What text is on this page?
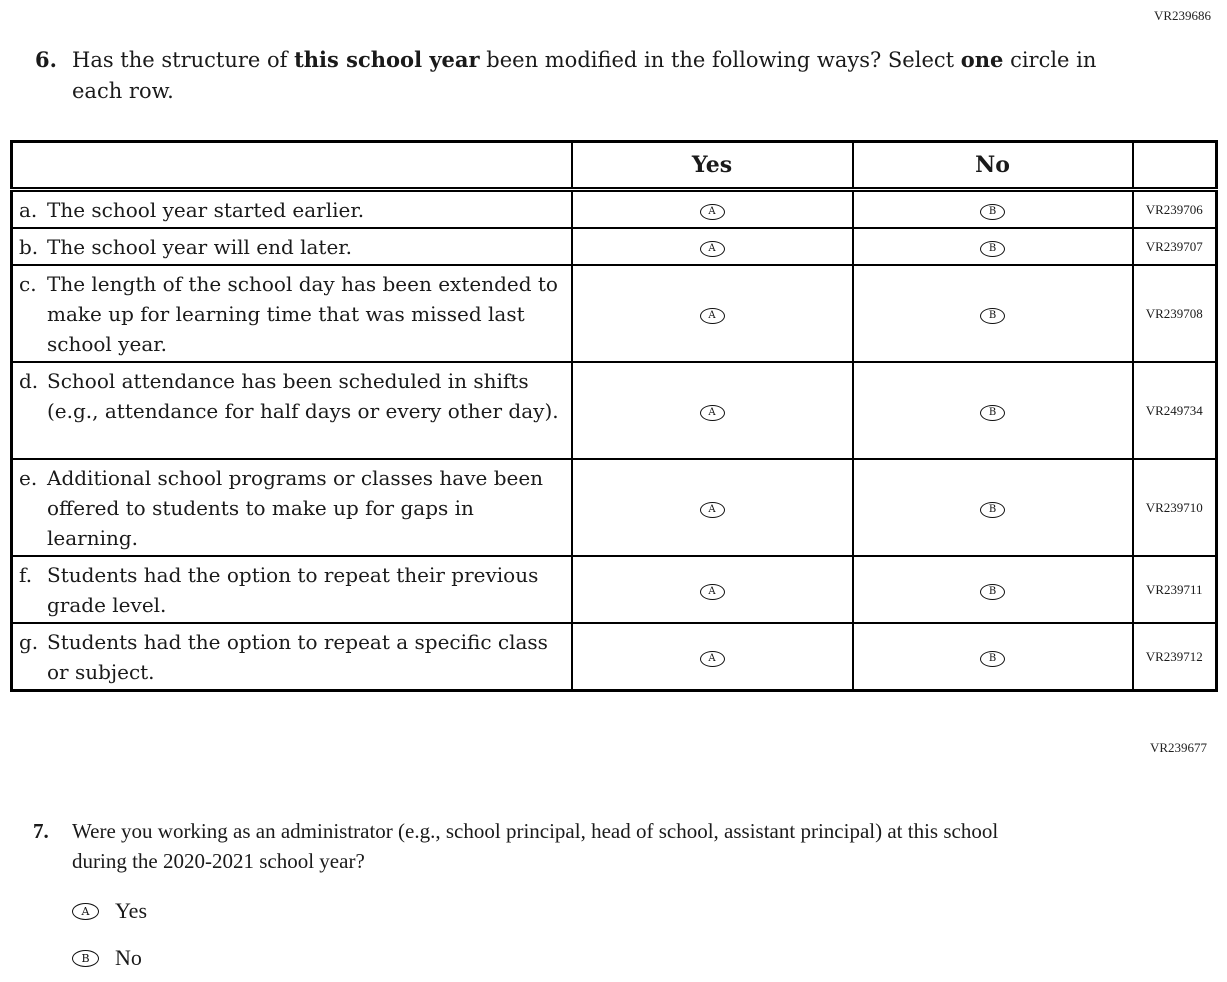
VR239686
6. Has the structure of this school year been modified in the following ways? Select one circle in each row.
	Yes	No	

a. The school year started earlier.	A	B	VR239706

b. The school year will end later.	A	B	VR239707

c. The length of the school day has been extended to make up for learning time that was missed last school year.	A	B	VR239708

d. School attendance has been scheduled in shifts (e.g., attendance for half days or every other day).	A	B	VR249734

e. Additional school programs or classes have been offered to students to make up for gaps in learning.	A	B	VR239710

f. Students had the option to repeat their previous grade level.	A	B	VR239711

g. Students had the option to repeat a specific class or subject.	A	B	VR239712
VR239677
7.	Were you working as an administrator (e.g., school principal, head of school, assistant principal) at this school during the 2020-2021 school year?
A	Yes
B	No
